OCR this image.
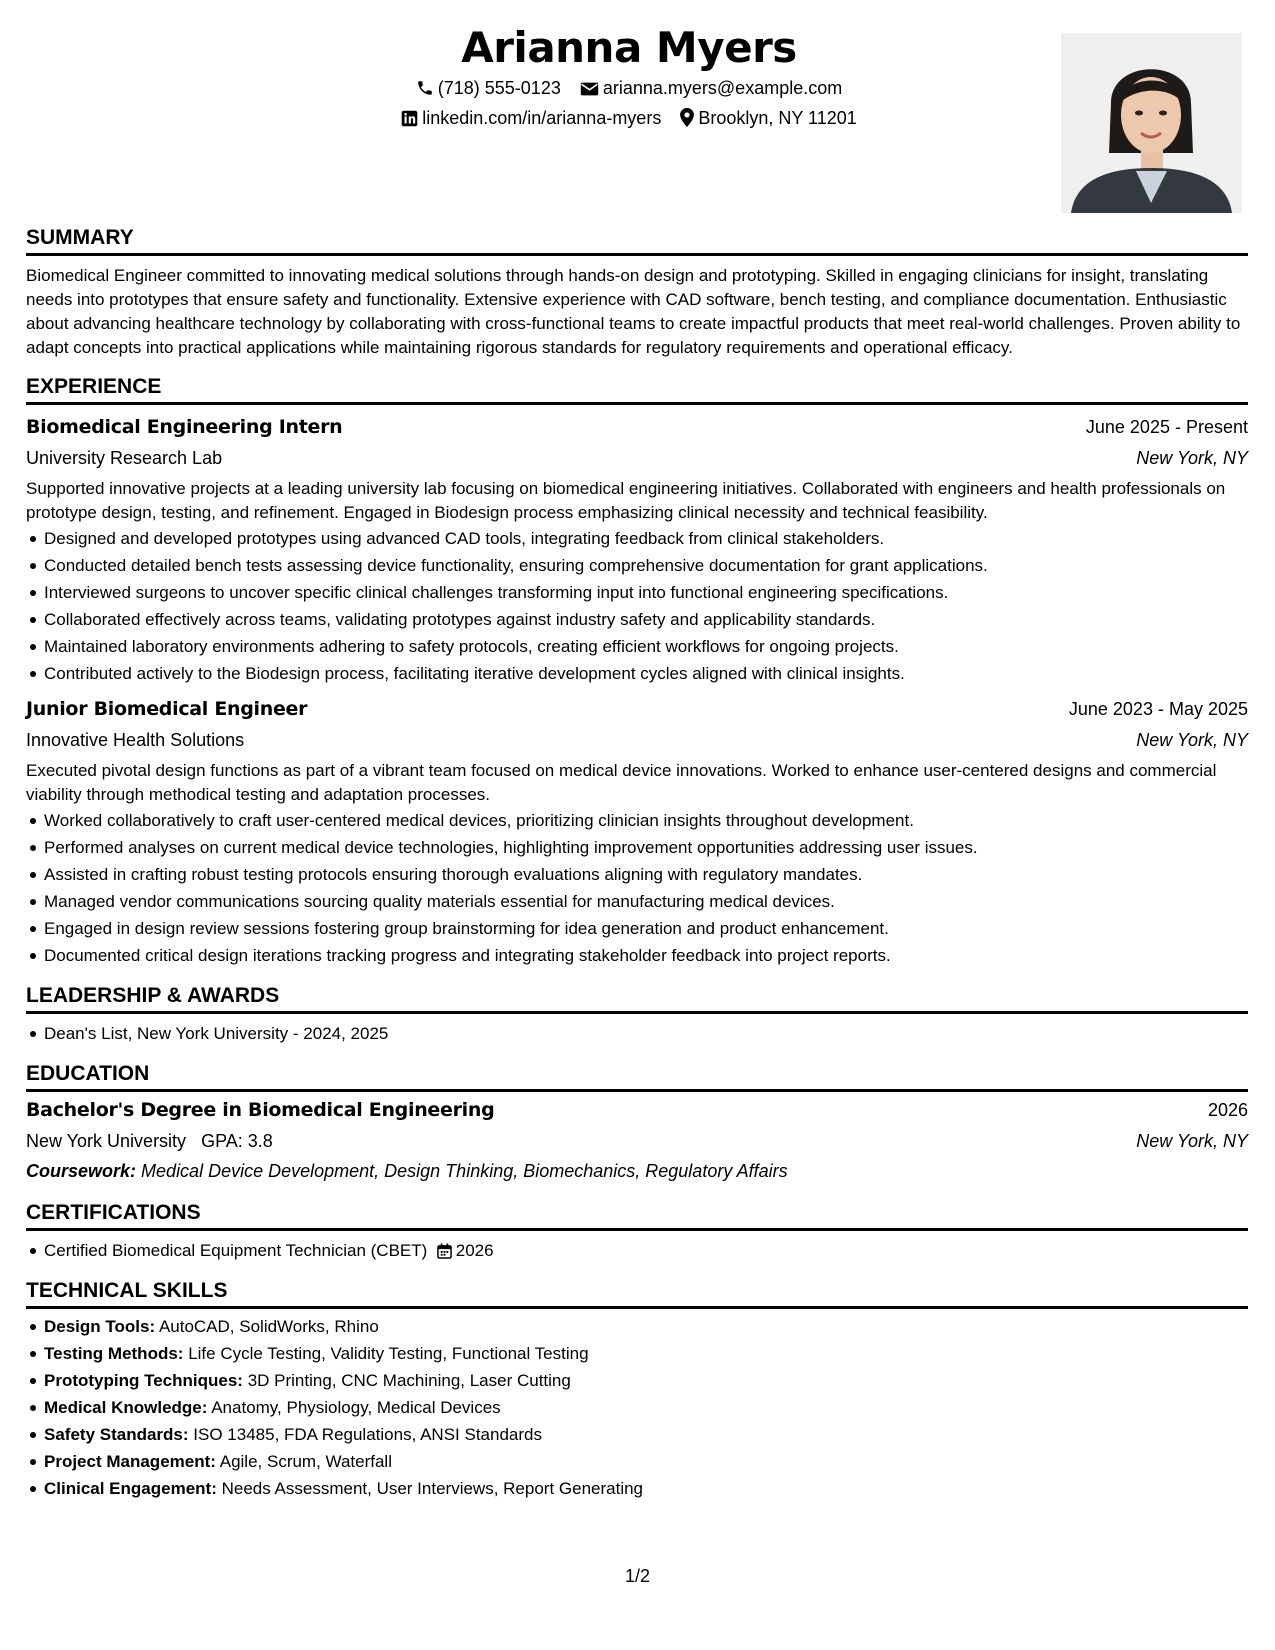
Arianna Myers
(718) 555-0123 arianna.myers@example.com
linkedin.com/in/arianna-myers Brooklyn, NY 11201
SUMMARY
Biomedical Engineer committed to innovating medical solutions through hands-on design and prototyping. Skilled in engaging clinicians for insight, translating needs into prototypes that ensure safety and functionality. Extensive experience with CAD software, bench testing, and compliance documentation. Enthusiastic about advancing healthcare technology by collaborating with cross-functional teams to create impactful products that meet real-world challenges. Proven ability to adapt concepts into practical applications while maintaining rigorous standards for regulatory requirements and operational efficacy.
EXPERIENCE
Biomedical Engineering Intern	June 2025 - Present
University Research Lab	New York, NY
Supported innovative projects at a leading university lab focusing on biomedical engineering initiatives. Collaborated with engineers and health professionals on prototype design, testing, and refinement. Engaged in Biodesign process emphasizing clinical necessity and technical feasibility.
Designed and developed prototypes using advanced CAD tools, integrating feedback from clinical stakeholders.
Conducted detailed bench tests assessing device functionality, ensuring comprehensive documentation for grant applications.
Interviewed surgeons to uncover specific clinical challenges transforming input into functional engineering specifications.
Collaborated effectively across teams, validating prototypes against industry safety and applicability standards.
Maintained laboratory environments adhering to safety protocols, creating efficient workflows for ongoing projects.
Contributed actively to the Biodesign process, facilitating iterative development cycles aligned with clinical insights.
Junior Biomedical Engineer	June 2023 - May 2025
Innovative Health Solutions	New York, NY
Executed pivotal design functions as part of a vibrant team focused on medical device innovations. Worked to enhance user-centered designs and commercial viability through methodical testing and adaptation processes.
Worked collaboratively to craft user-centered medical devices, prioritizing clinician insights throughout development.
Performed analyses on current medical device technologies, highlighting improvement opportunities addressing user issues.
Assisted in crafting robust testing protocols ensuring thorough evaluations aligning with regulatory mandates.
Managed vendor communications sourcing quality materials essential for manufacturing medical devices.
Engaged in design review sessions fostering group brainstorming for idea generation and product enhancement.
Documented critical design iterations tracking progress and integrating stakeholder feedback into project reports.
LEADERSHIP & AWARDS
Dean's List, New York University - 2024, 2025
EDUCATION
Bachelor's Degree in Biomedical Engineering	2026
New York University GPA: 3.8	New York, NY
Coursework: Medical Device Development, Design Thinking, Biomechanics, Regulatory Affairs
CERTIFICATIONS
Certified Biomedical Equipment Technician (CBET) 2026
TECHNICAL SKILLS
Design Tools: AutoCAD, SolidWorks, Rhino
Testing Methods: Life Cycle Testing, Validity Testing, Functional Testing
Prototyping Techniques: 3D Printing, CNC Machining, Laser Cutting
Medical Knowledge: Anatomy, Physiology, Medical Devices
Safety Standards: ISO 13485, FDA Regulations, ANSI Standards
Project Management: Agile, Scrum, Waterfall
Clinical Engagement: Needs Assessment, User Interviews, Report Generating
1/2
